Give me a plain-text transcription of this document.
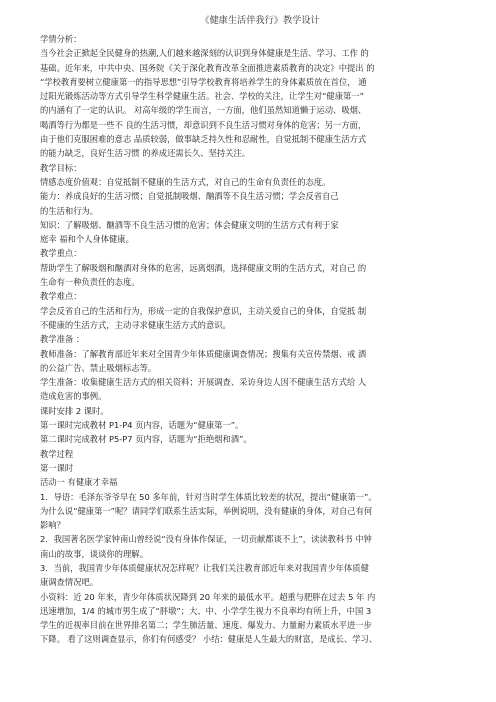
《健康生活伴我行》教学设计

学情分析：

当今社会正掀起全民健身的热潮,人们越来越深刻的认识到身体健康是生活、学习、工作 的

基础。近年来，中共中央、国务院《关于深化教育改革全面推进素质教育的决定》中提出 的

“学校教育要树立健康第一的指导思想”引导学校教育将培养学生的身体素质放在首位， 通

过阳光锻炼活动等方式引导学生科学健康生活。社会、学校的关注，让学生对“健康第一”

的内涵有了一定的认识。 对高年级的学生而言，一方面，他们虽然知道懒于运动、吸烟、

喝酒等行为都是一些不 良的生活习惯，却意识到不良生活习惯对身体的危害；另一方面，

由于他们克服困难的意志 品质较弱，做事缺乏持久性和忍耐性，自觉抵制不健康生活方式

的能力缺乏，良好生活习惯 的养成还需长久、坚持关注。

教学目标：

情感态度价值观：自觉抵制不健康的生活方式，对自己的生命有负责任的态度。

能力：养成良好的生活习惯；自觉抵制吸烟、酗酒等不良生活习惯；学会反省自己

的生活和行为。

知识：了解吸烟、酗酒等不良生活习惯的危害；体会健康文明的生活方式有利于家

庭幸 福和个人身体健康。

教学重点：

帮助学生了解吸烟和酗酒对身体的危害，远离烟酒，选择健康文明的生活方式，对自己 的

生命有一种负责任的态度。

教学难点：

学会反省自己的生活和行为，形成一定的自我保护意识，主动关爱自己的身体，自觉抵 制

不健康的生活方式，主动寻求健康生活方式的意识。

教学准备 ：

教师准备：了解教育部近年来对全国青少年体质健康调查情况；搜集有关宣传禁烟、戒 酒

的公益广告、禁止吸烟标志等。

学生准备：收集健康生活方式的相关资料；开展调查、采访身边人因不健康生活方式给 人

造成危害的事例。

课时安排 2 课时。

第一课时完成教材 P1-P4 页内容，话题为“健康第一”。

第二课时完成教材 P5-P7 页内容，话题为“拒绝烟和酒”。

教学过程

第一课时

活动一 有健康才幸福

1．导语：毛泽东爷爷早在 50 多年前，针对当时学生体质比较差的状况，提出“健康第一”。

为什么说“健康第一”呢？请同学们联系生活实际，举例说明，没有健康的身体，对自己有何

影响？

2．我国著名医学家钟南山曾经说“没有身体作保证，一切贡献都谈不上”，读读教科书 中钟

南山的故事，谈谈你的理解。

3．当前，我国青少年体质健康状况怎样呢？让我们关注教育部近年来对我国青少年体质健

康调查情况吧。

小资料：近 20 年来，青少年体质状况降到 20 年来的最低水平。超重与肥胖在过去 5 年 内

迅速增加，1/4 的城市男生成了“胖墩”；大、中、小学学生视力不良率均有所上升，中国 3

学生的近视率目前在世界排名第二；学生肺活量、速度、爆发力、力量耐力素质水平进一步

下降。 看了这则调查显示，你们有何感受？ 小结：健康是人生最大的财富，是成长、学习、
